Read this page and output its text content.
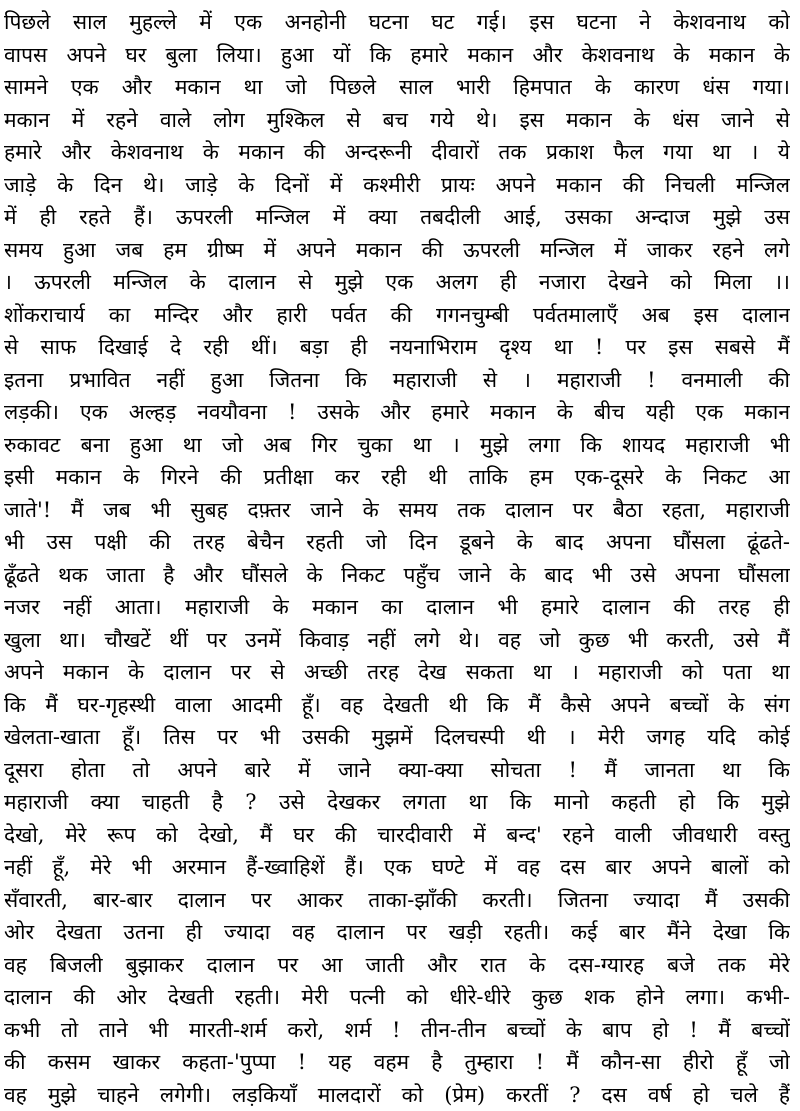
पिछले साल मुहल्ले में एक अनहोनी घटना घट गई। इस घटना ने केशवनाथ को
वापस अपने घर बुला लिया। हुआ यों कि हमारे मकान और केशवनाथ के मकान के
सामने एक और मकान था जो पिछले साल भारी हिमपात के कारण धंस गया।
मकान में रहने वाले लोग मुश्किल से बच गये थे। इस मकान के धंस जाने से
हमारे और केशवनाथ के मकान की अन्दरूनी दीवारों तक प्रकाश फैल गया था । ये
जाड़े के दिन थे। जाड़े के दिनों में कश्मीरी प्रायः अपने मकान की निचली मन्जिल
में ही रहते हैं। ऊपरली मन्जिल में क्या तबदीली आई, उसका अन्दाज मुझे उस
समय हुआ जब हम ग्रीष्म में अपने मकान की ऊपरली मन्जिल में जाकर रहने लगे
। ऊपरली मन्जिल के दालान से मुझे एक अलग ही नजारा देखने को मिला ।।
शोंकराचार्य का मन्दिर और हारी पर्वत की गगनचुम्बी पर्वतमालाएँ अब इस दालान
से साफ दिखाई दे रही थीं। बड़ा ही नयनाभिराम दृश्य था ! पर इस सबसे मैं
इतना प्रभावित नहीं हुआ जितना कि महाराजी से । महाराजी ! वनमाली की
लड़की। एक अल्हड़ नवयौवना ! उसके और हमारे मकान के बीच यही एक मकान
रुकावट बना हुआ था जो अब गिर चुका था । मुझे लगा कि शायद महाराजी भी
इसी मकान के गिरने की प्रतीक्षा कर रही थी ताकि हम एक-दूसरे के निकट आ
जाते'! मैं जब भी सुबह दफ़्तर जाने के समय तक दालान पर बैठा रहता, महाराजी
भी उस पक्षी की तरह बेचैन रहती जो दिन डूबने के बाद अपना घौंसला ढूंढते-
ढूँढते थक जाता है और घौंसले के निकट पहुँच जाने के बाद भी उसे अपना घौंसला
नजर नहीं आता। महाराजी के मकान का दालान भी हमारे दालान की तरह ही
खुला था। चौखटें थीं पर उनमें किवाड़ नहीं लगे थे। वह जो कुछ भी करती, उसे मैं
अपने मकान के दालान पर से अच्छी तरह देख सकता था । महाराजी को पता था
कि मैं घर-गृहस्थी वाला आदमी हूँ। वह देखती थी कि मैं कैसे अपने बच्चों के संग
खेलता-खाता हूँ। तिस पर भी उसकी मुझमें दिलचस्पी थी । मेरी जगह यदि कोई
दूसरा होता तो अपने बारे में जाने क्या-क्या सोचता ! मैं जानता था कि
महाराजी क्या चाहती है ? उसे देखकर लगता था कि मानो कहती हो कि मुझे
देखो, मेरे रूप को देखो, मैं घर की चारदीवारी में बन्द' रहने वाली जीवधारी वस्तु
नहीं हूँ, मेरे भी अरमान हैं-ख्वाहिशें हैं। एक घण्टे में वह दस बार अपने बालों को
सँवारती, बार-बार दालान पर आकर ताका-झाँकी करती। जितना ज्यादा मैं उसकी
ओर देखता उतना ही ज्यादा वह दालान पर खड़ी रहती। कई बार मैंने देखा कि
वह बिजली बुझाकर दालान पर आ जाती और रात के दस-ग्यारह बजे तक मेरे
दालान की ओर देखती रहती। मेरी पत्नी को धीरे-धीरे कुछ शक होने लगा। कभी-
कभी तो ताने भी मारती-शर्म करो, शर्म ! तीन-तीन बच्चों के बाप हो ! मैं बच्चों
की कसम खाकर कहता-'पुप्पा ! यह वहम है तुम्हारा ! मैं कौन-सा हीरो हूँ जो
वह मुझे चाहने लगेगी। लड़कियाँ मालदारों को (प्रेम) करतीं ? दस वर्ष हो चले हैं
